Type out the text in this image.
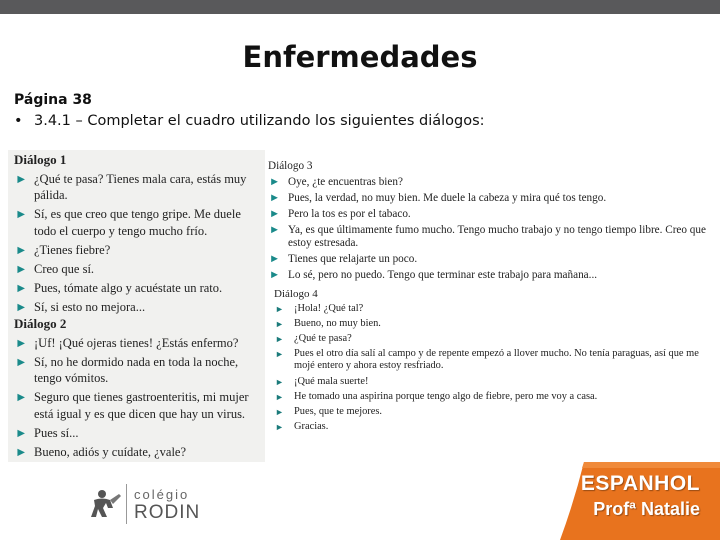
Enfermedades
Página 38
• 3.4.1 – Completar el cuadro utilizando los siguientes diálogos:
Diálogo 1
► ¿Qué te pasa? Tienes mala cara, estás muy pálida.
► Sí, es que creo que tengo gripe. Me duele todo el cuerpo y tengo mucho frío.
► ¿Tienes fiebre?
► Creo que sí.
► Pues, tómate algo y acuéstate un rato.
► Sí, si esto no mejora...
Diálogo 2
► ¡Uf! ¡Qué ojeras tienes! ¿Estás enfermo?
► Sí, no he dormido nada en toda la noche, tengo vómitos.
► Seguro que tienes gastroenteritis, mi mujer está igual y es que dicen que hay un virus.
► Pues sí...
► Bueno, adiós y cuídate, ¿vale?
Diálogo 3
► Oye, ¿te encuentras bien?
► Pues, la verdad, no muy bien. Me duele la cabeza y mira qué tos tengo.
► Pero la tos es por el tabaco.
► Ya, es que últimamente fumo mucho. Tengo mucho trabajo y no tengo tiempo libre. Creo que estoy estresada.
► Tienes que relajarte un poco.
► Lo sé, pero no puedo. Tengo que terminar este trabajo para mañana...
Diálogo 4
► ¡Hola! ¿Qué tal?
► Bueno, no muy bien.
► ¿Qué te pasa?
► Pues el otro día salí al campo y de repente empezó a llover mucho. No tenía paraguas, así que me mojé entero y ahora estoy resfriado.
► ¡Qué mala suerte!
► He tomado una aspirina porque tengo algo de fiebre, pero me voy a casa.
► Pues, que te mejores.
► Gracias.
colégio
RODIN
ESPANHOL
Profª Natalie
